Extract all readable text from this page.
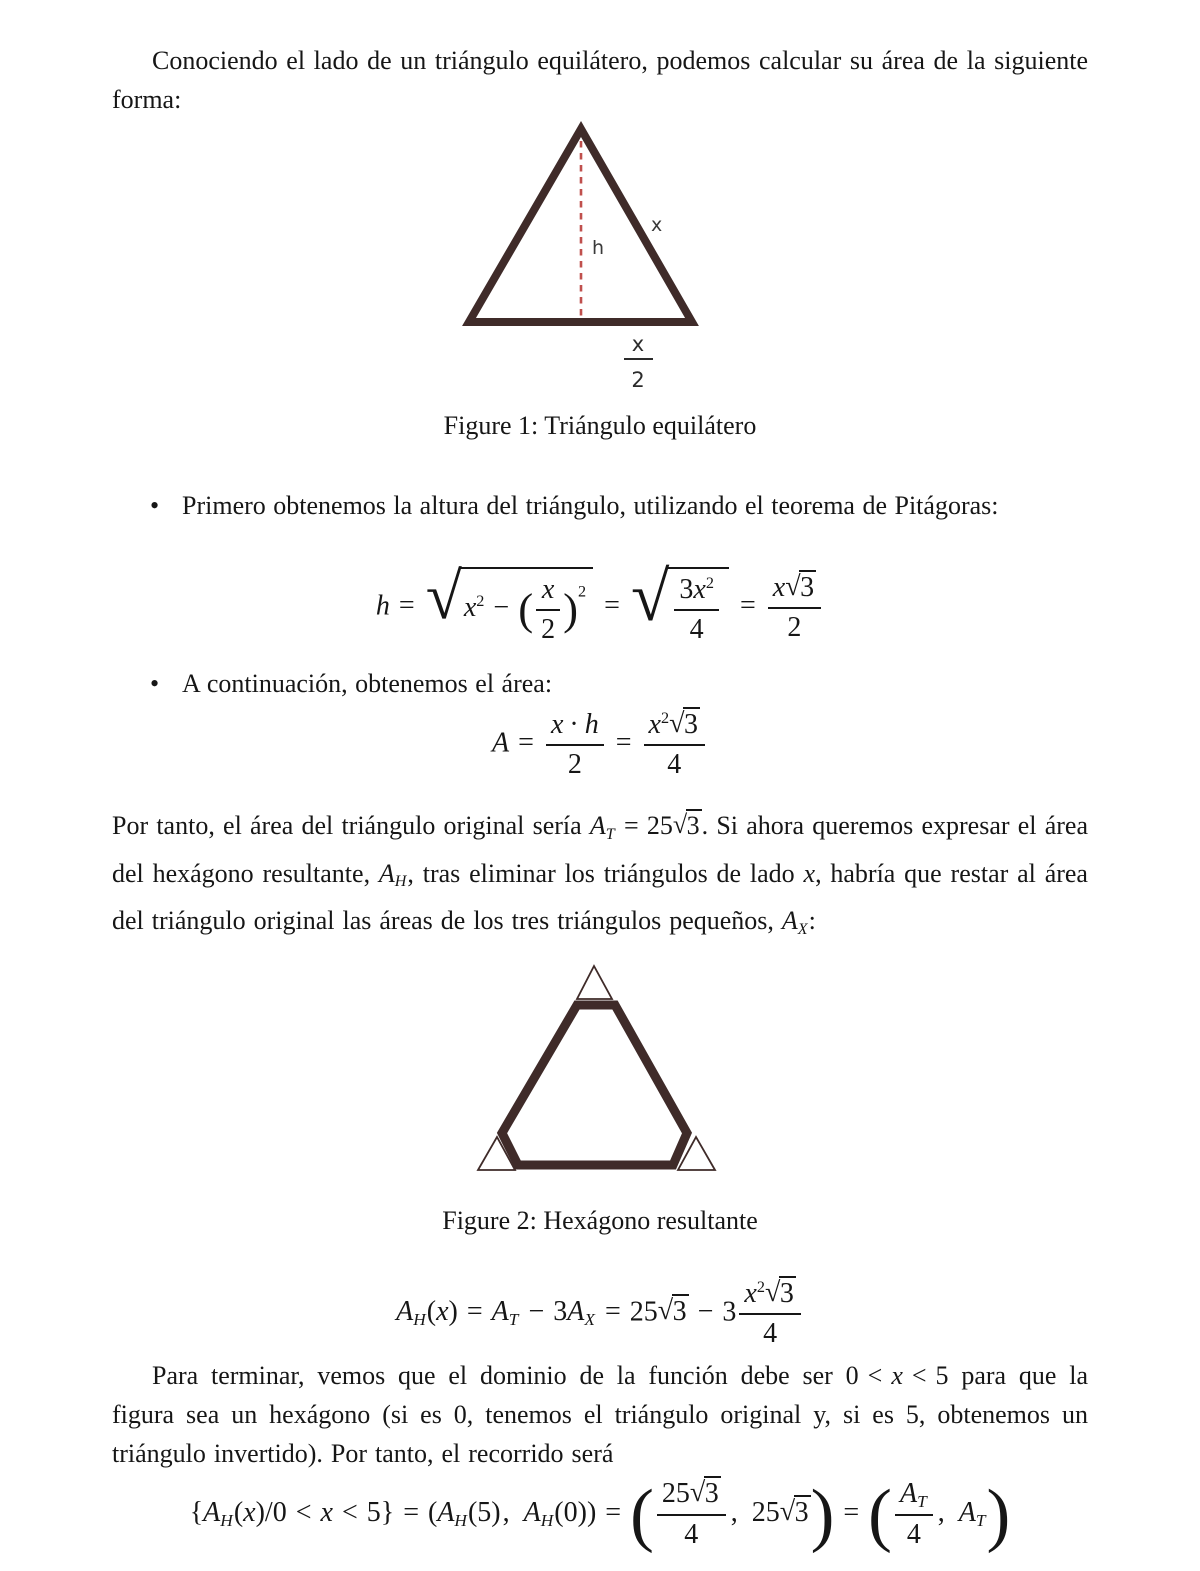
Conociendo el lado de un triángulo equilátero, podemos calcular su área de la siguiente forma:
x
h
x
2
Figure 1: Triángulo equilátero
• Primero obtenemos la altura del triángulo, utilizando el teorema de Pitágoras:
h = √ $x^2$ − ( $\frac{x}{2} )^2$ = √ $\frac{3x^2}{4} = \frac{x√3}{2}$
• A continuación, obtenemos el área:
$A = \frac{x \cdot h}{2} = \frac{x^2√3}{4}$
Por tanto, el área del triángulo original sería AT = 25√3. Si ahora queremos expresar el área del hexágono resultante, AH, tras eliminar los triángulos de lado x, habría que restar al área del triángulo original las áreas de los tres triángulos pequeños, AX:
Figure 2: Hexágono resultante
AH(x) = AT − $3AX = 25√3 - 3 \frac{x^2√3}{4}$
Para terminar, vemos que el dominio de la función debe ser 0 < x < 5 para que la figura sea un hexágono (si es 0, tenemos el triángulo original y, si es 5, obtenemos un triángulo invertido). Por tanto, el recorrido será
{AH(x)/0 < x < 5} = (AH(5), AH(0)) = ( $\frac{25√3}{4}$ , 25√3) = ( $\frac{AT}{4}$ , AT)
